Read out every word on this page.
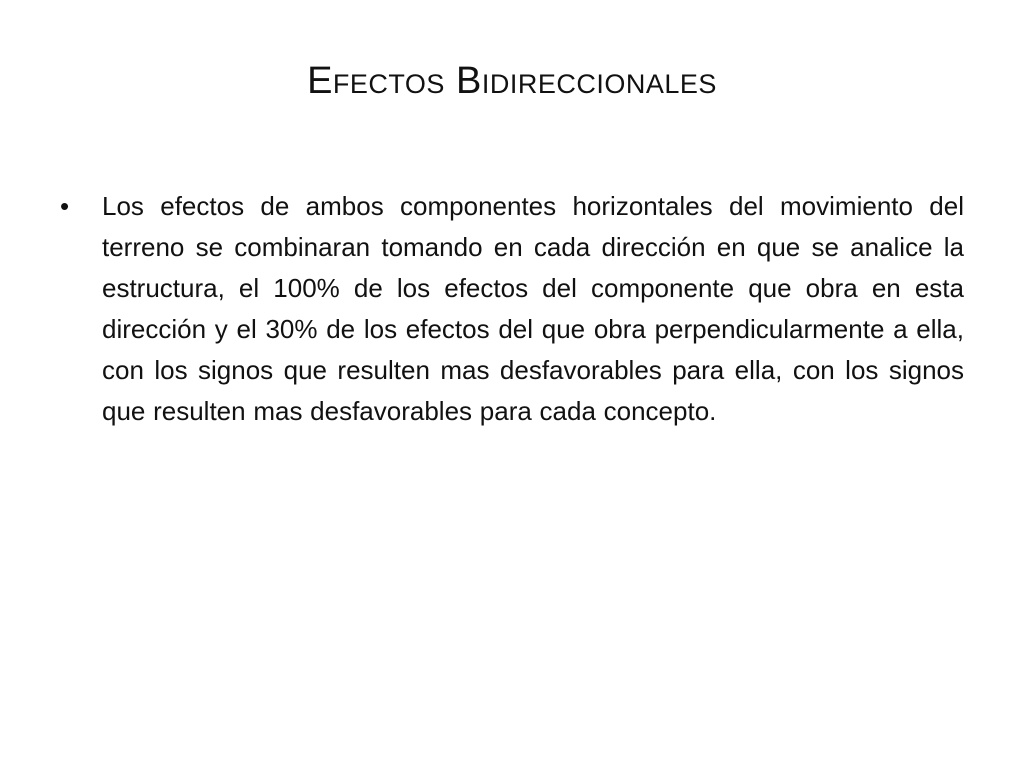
Efectos Bidireccionales
• Los efectos de ambos componentes horizontales del movimiento del terreno se combinaran tomando en cada dirección en que se analice la estructura, el 100% de los efectos del componente que obra en esta dirección y el 30% de los efectos del que obra perpendicularmente a ella, con los signos que resulten mas desfavorables para ella, con los signos que resulten mas desfavorables para cada concepto.
